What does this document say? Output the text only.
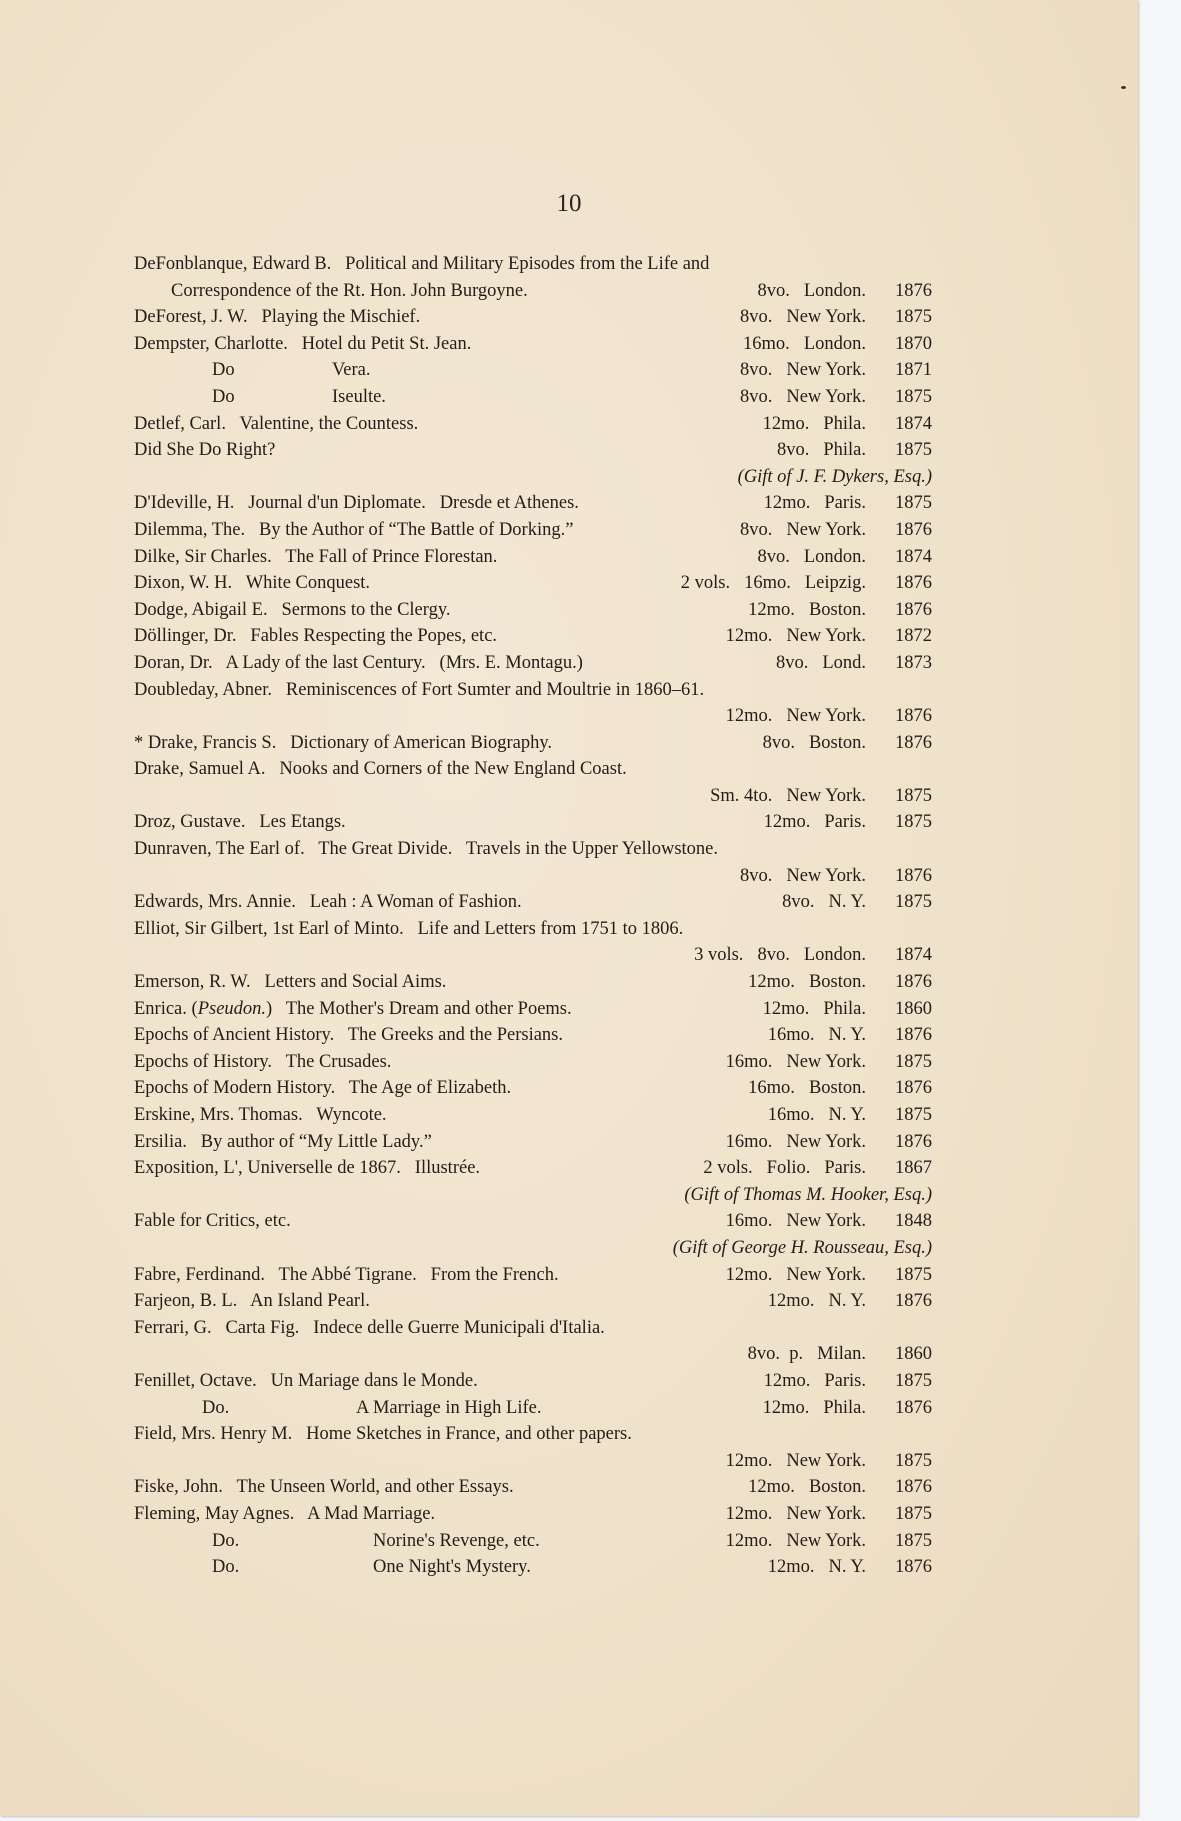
10
DeFonblanque, Edward B.   Political and Military Episodes from the Life and
Correspondence of the Rt. Hon. John Burgoyne.	8vo. London.	1876
DeForest, J. W.   Playing the Mischief.	8vo. New York.	1875
Dempster, Charlotte.   Hotel du Petit St. Jean.	16mo. London.	1870
Do	Vera.	8vo. New York.	1871
Do	Iseulte.	8vo. New York.	1875
Detlef, Carl.   Valentine, the Countess.	12mo. Phila.	1874
Did She Do Right?	8vo. Phila.	1875
(Gift of J. F. Dykers, Esq.)
D'Ideville, H.   Journal d'un Diplomate.   Dresde et Athenes.	12mo. Paris.	1875
Dilemma, The.   By the Author of “The Battle of Dorking.”	8vo. New York.	1876
Dilke, Sir Charles.   The Fall of Prince Florestan.	8vo. London.	1874
Dixon, W. H.   White Conquest.	2 vols. 16mo. Leipzig.	1876
Dodge, Abigail E.   Sermons to the Clergy.	12mo. Boston.	1876
Döllinger, Dr.   Fables Respecting the Popes, etc.	12mo. New York.	1872
Doran, Dr.   A Lady of the last Century.   (Mrs. E. Montagu.)	8vo. Lond.	1873
Doubleday, Abner.   Reminiscences of Fort Sumter and Moultrie in 1860–61.
12mo. New York.	1876
* Drake, Francis S.   Dictionary of American Biography.	8vo. Boston.	1876
Drake, Samuel A.   Nooks and Corners of the New England Coast.
Sm. 4to. New York.	1875
Droz, Gustave.   Les Etangs.	12mo. Paris.	1875
Dunraven, The Earl of.   The Great Divide.   Travels in the Upper Yellowstone.
8vo. New York.	1876
Edwards, Mrs. Annie.   Leah : A Woman of Fashion.	8vo. N. Y.	1875
Elliot, Sir Gilbert, 1st Earl of Minto.   Life and Letters from 1751 to 1806.
3 vols. 8vo. London.	1874
Emerson, R. W.   Letters and Social Aims.	12mo. Boston.	1876
Enrica. (Pseudon.)   The Mother's Dream and other Poems.	12mo. Phila.	1860
Epochs of Ancient History.   The Greeks and the Persians.	16mo. N. Y.	1876
Epochs of History.   The Crusades.	16mo. New York.	1875
Epochs of Modern History.   The Age of Elizabeth.	16mo. Boston.	1876
Erskine, Mrs. Thomas.   Wyncote.	16mo. N. Y.	1875
Ersilia.   By author of “My Little Lady.”	16mo. New York.	1876
Exposition, L', Universelle de 1867.   Illustrée.	2 vols. Folio. Paris.	1867
(Gift of Thomas M. Hooker, Esq.)
Fable for Critics, etc.	16mo. New York.	1848
(Gift of George H. Rousseau, Esq.)
Fabre, Ferdinand.   The Abbé Tigrane.   From the French.	12mo. New York.	1875
Farjeon, B. L.   An Island Pearl.	12mo. N. Y.	1876
Ferrari, G.   Carta Fig.   Indece delle Guerre Municipali d'Italia.
8vo.  p. Milan.	1860
Fenillet, Octave.   Un Mariage dans le Monde.	12mo. Paris.	1875
Do.	A Marriage in High Life.	12mo. Phila.	1876
Field, Mrs. Henry M.   Home Sketches in France, and other papers.
12mo. New York.	1875
Fiske, John.   The Unseen World, and other Essays.	12mo. Boston.	1876
Fleming, May Agnes.   A Mad Marriage.	12mo. New York.	1875
Do.	Norine's Revenge, etc.	12mo. New York.	1875
Do.	One Night's Mystery.	12mo. N. Y.	1876
